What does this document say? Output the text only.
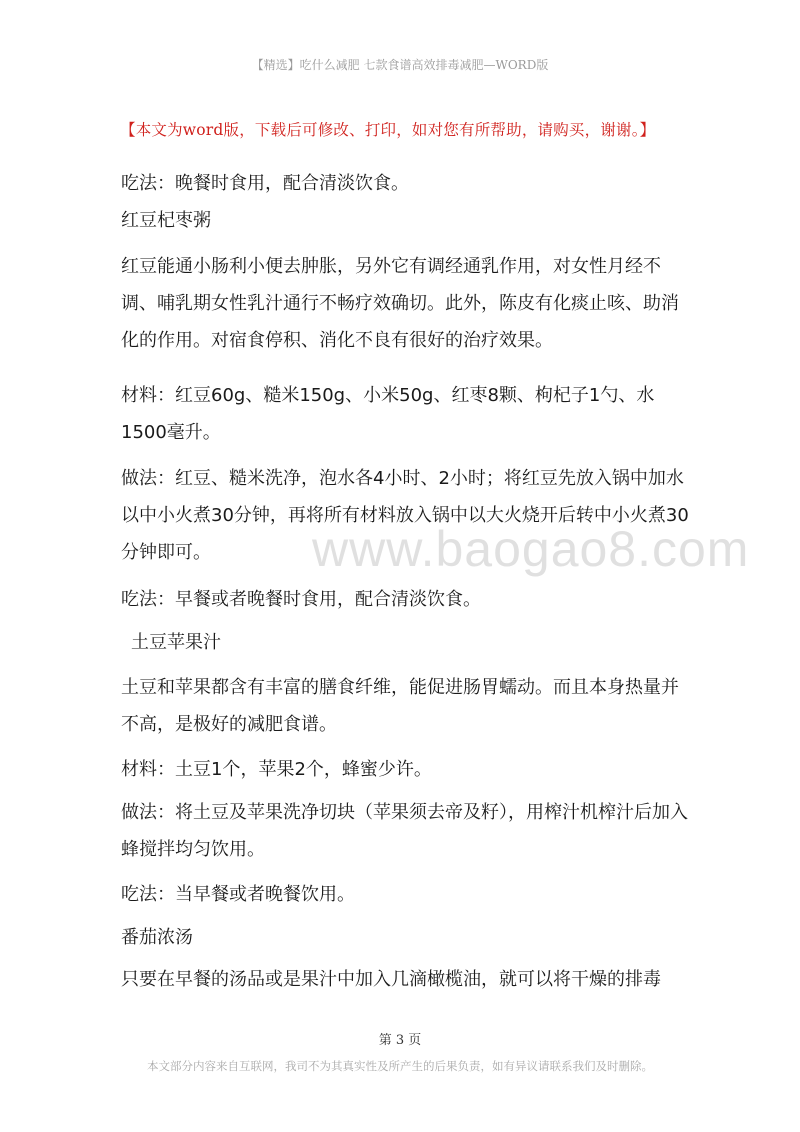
【精选】吃什么减肥 七款食谱高效排毒减肥—WORD版
【本文为word版，下载后可修改、打印，如对您有所帮助，请购买，谢谢。】

吃法：晚餐时食用，配合清淡饮食。

红豆杞枣粥

红豆能通小肠利小便去肿胀，另外它有调经通乳作用，对女性月经不调、哺乳期女性乳汁通行不畅疗效确切。此外，陈皮有化痰止咳、助消化的作用。对宿食停积、消化不良有很好的治疗效果。

材料：红豆60g、糙米150g、小米50g、红枣8颗、枸杞子1勺、水1500毫升。

做法：红豆、糙米洗净，泡水各4小时、2小时；将红豆先放入锅中加水以中小火煮30分钟，再将所有材料放入锅中以大火烧开后转中小火煮30分钟即可。

吃法：早餐或者晚餐时食用，配合清淡饮食。

土豆苹果汁

土豆和苹果都含有丰富的膳食纤维，能促进肠胃蠕动。而且本身热量并不高，是极好的减肥食谱。

材料：土豆1个，苹果2个，蜂蜜少许。

做法：将土豆及苹果洗净切块（苹果须去帝及籽），用榨汁机榨汁后加入蜂搅拌均匀饮用。

吃法：当早餐或者晚餐饮用。

番茄浓汤

只要在早餐的汤品或是果汁中加入几滴橄榄油，就可以将干燥的排毒

www.baogao8.com
第 3 页
本文部分内容来自互联网，我司不为其真实性及所产生的后果负责，如有异议请联系我们及时删除。
